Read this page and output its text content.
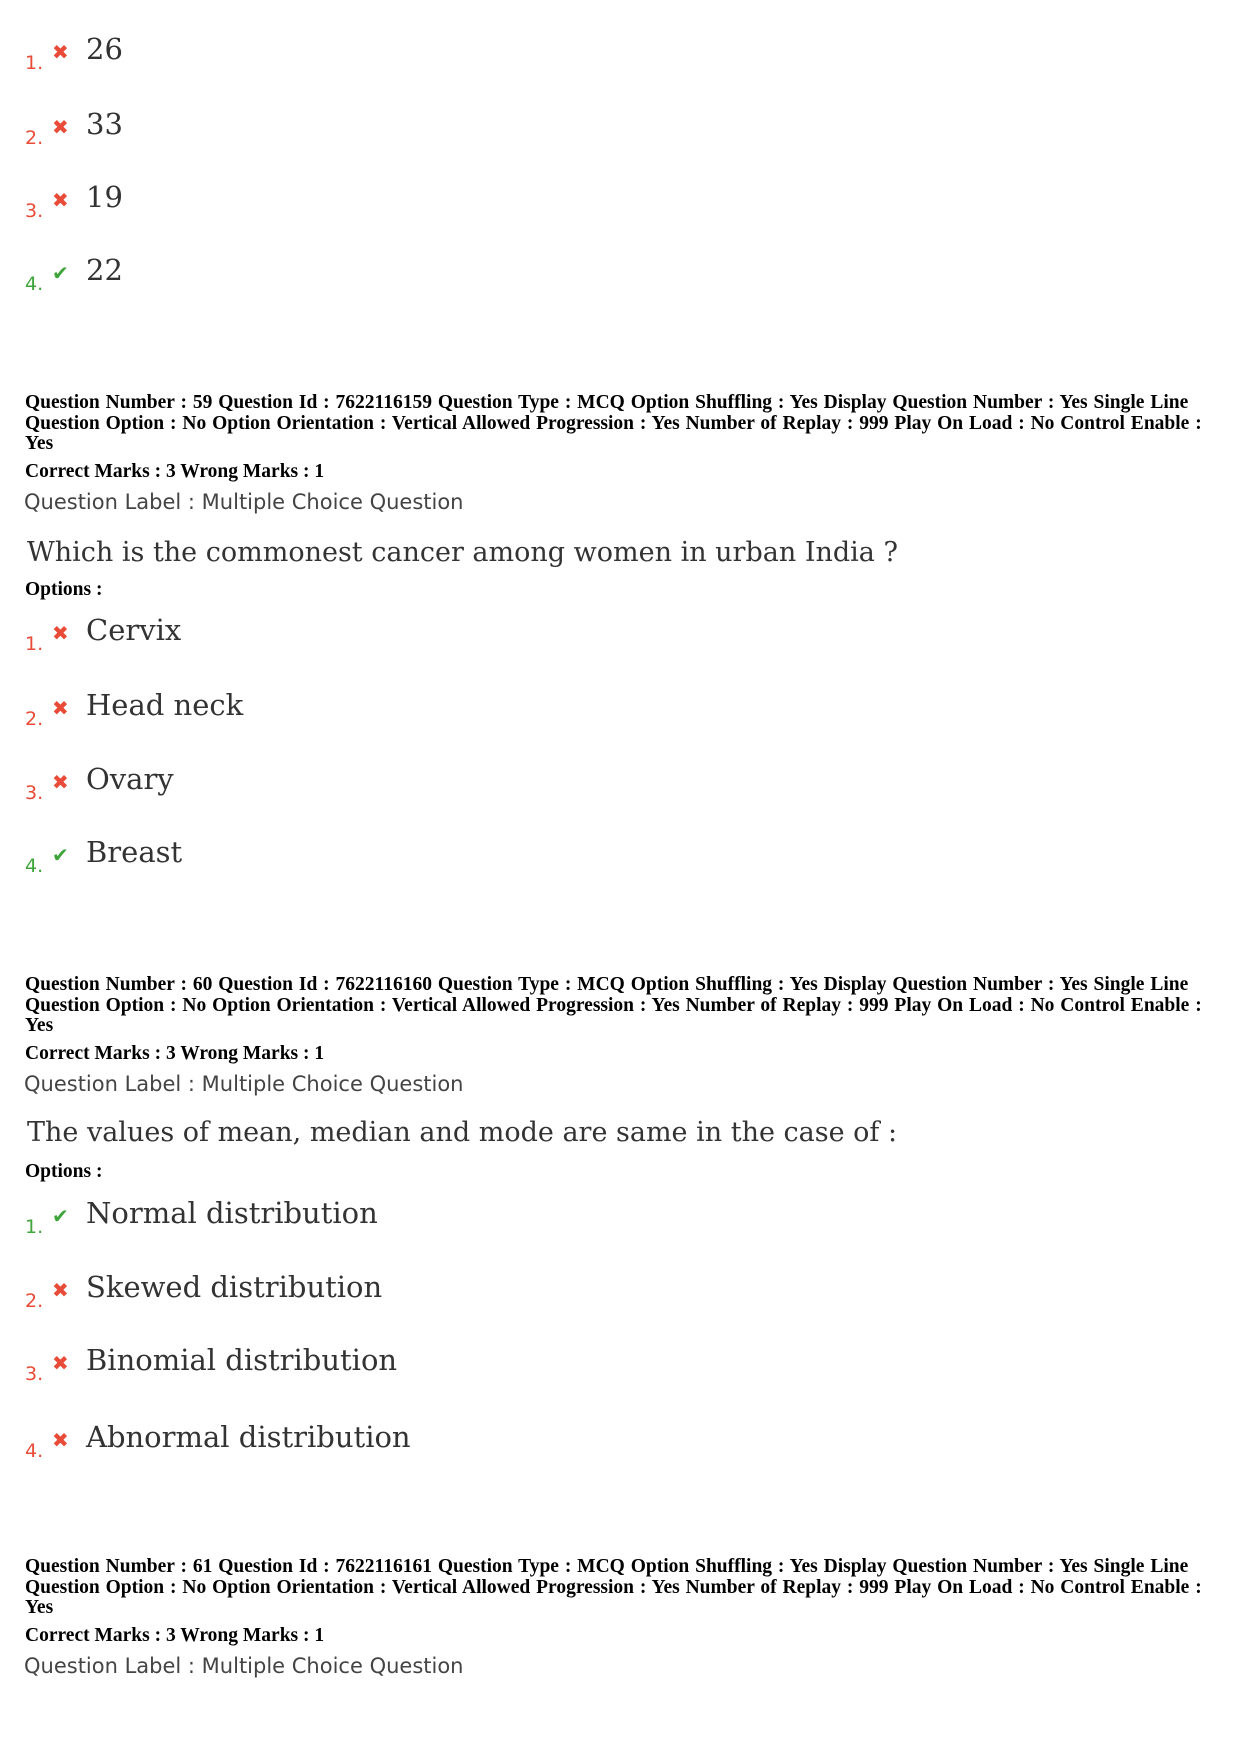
1. ✖ 26
2. ✖ 33
3. ✖ 19
4. ✔ 22
Question Number : 59 Question Id : 7622116159 Question Type : MCQ Option Shuffling : Yes Display Question Number : Yes Single Line Question Option : No Option Orientation : Vertical Allowed Progression : Yes Number of Replay : 999 Play On Load : No Control Enable : Yes
Correct Marks : 3 Wrong Marks : 1
Question Label : Multiple Choice Question
Which is the commonest cancer among women in urban India ?
Options :
1. ✖ Cervix
2. ✖ Head neck
3. ✖ Ovary
4. ✔ Breast
Question Number : 60 Question Id : 7622116160 Question Type : MCQ Option Shuffling : Yes Display Question Number : Yes Single Line Question Option : No Option Orientation : Vertical Allowed Progression : Yes Number of Replay : 999 Play On Load : No Control Enable : Yes
Correct Marks : 3 Wrong Marks : 1
Question Label : Multiple Choice Question
The values of mean, median and mode are same in the case of :
Options :
1. ✔ Normal distribution
2. ✖ Skewed distribution
3. ✖ Binomial distribution
4. ✖ Abnormal distribution
Question Number : 61 Question Id : 7622116161 Question Type : MCQ Option Shuffling : Yes Display Question Number : Yes Single Line Question Option : No Option Orientation : Vertical Allowed Progression : Yes Number of Replay : 999 Play On Load : No Control Enable : Yes
Correct Marks : 3 Wrong Marks : 1
Question Label : Multiple Choice Question
